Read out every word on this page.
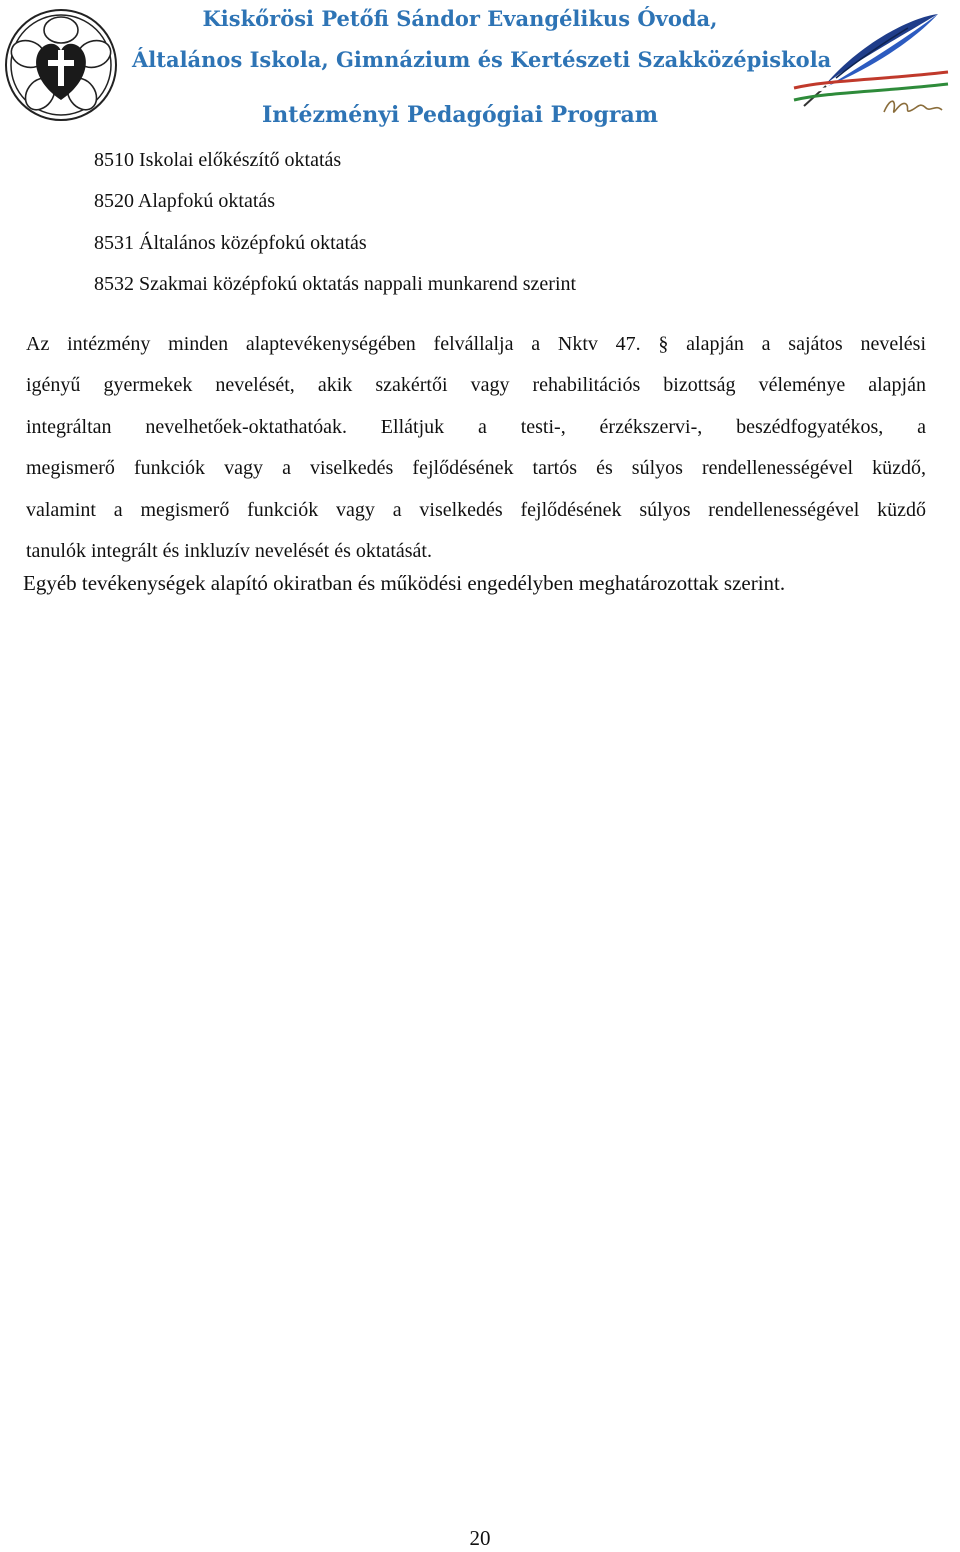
Kiskőrösi Petőfi Sándor Evangélikus Óvoda,
Általános Iskola, Gimnázium és Kertészeti Szakközépiskola
Intézményi Pedagógiai Program
8510 Iskolai előkészítő oktatás
8520 Alapfokú oktatás
8531 Általános középfokú oktatás
8532 Szakmai középfokú oktatás nappali munkarend szerint
Az intézmény minden alaptevékenységében felvállalja a Nktv 47. § alapján a sajátos nevelési
igényű gyermekek nevelését, akik szakértői vagy rehabilitációs bizottság véleménye alapján
integráltan nevelhetőek-oktathatóak. Ellátjuk a testi-, érzékszervi-, beszédfogyatékos, a
megismerő funkciók vagy a viselkedés fejlődésének tartós és súlyos rendellenességével küzdő,
valamint a megismerő funkciók vagy a viselkedés fejlődésének súlyos rendellenességével küzdő
tanulók integrált és inkluzív nevelését és oktatását.
Egyéb tevékenységek alapító okiratban és működési engedélyben meghatározottak szerint.
20
